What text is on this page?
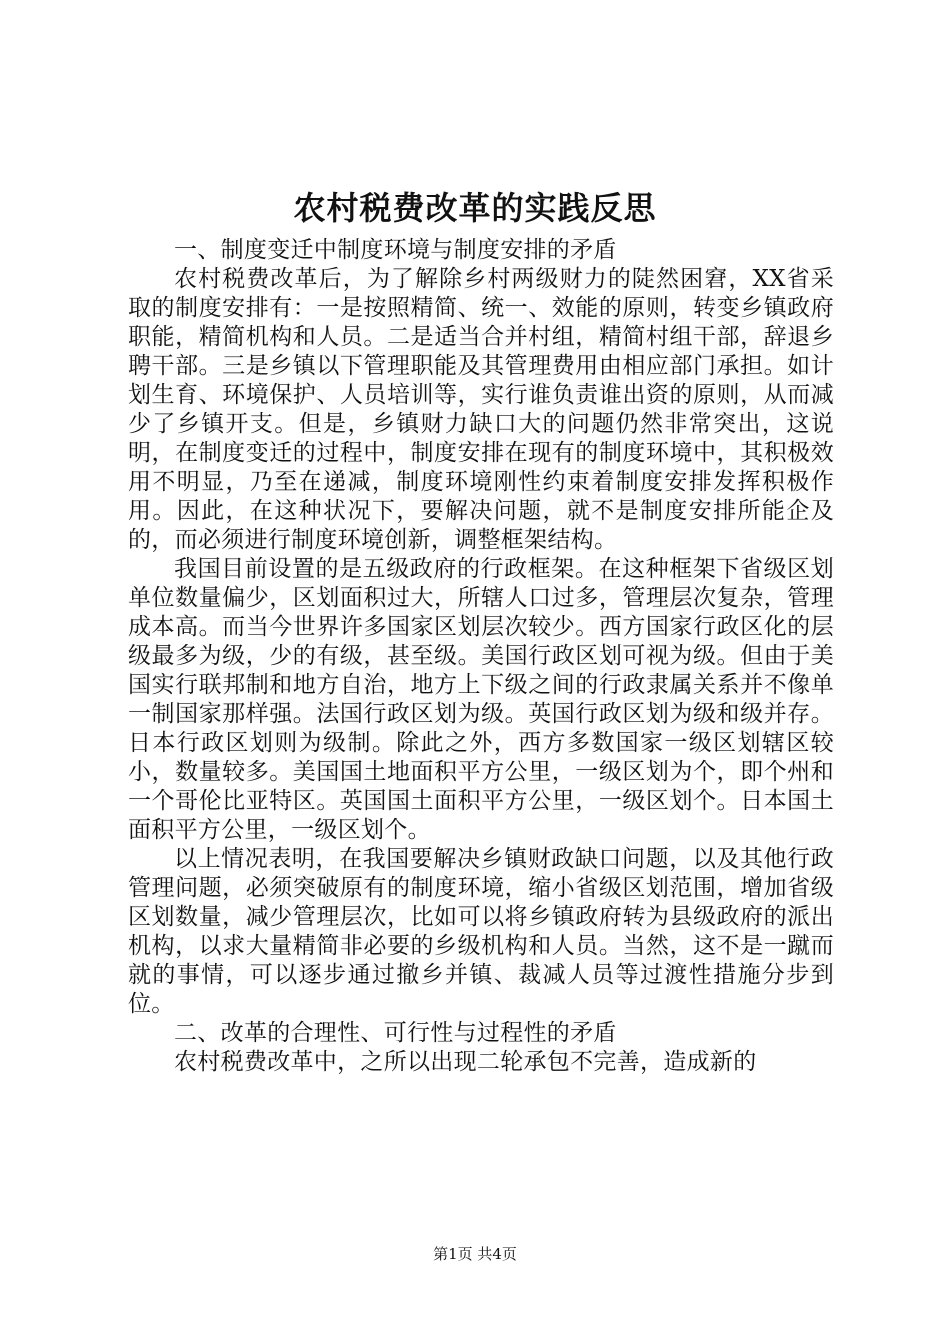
农村税费改革的实践反思

一、制度变迁中制度环境与制度安排的矛盾

农村税费改革后，为了解除乡村两级财力的陡然困窘，XX省采取的制度安排有：一是按照精简、统一、效能的原则，转变乡镇政府职能，精简机构和人员。二是适当合并村组，精简村组干部，辞退乡聘干部。三是乡镇以下管理职能及其管理费用由相应部门承担。如计划生育、环境保护、人员培训等，实行谁负责谁出资的原则，从而减少了乡镇开支。但是，乡镇财力缺口大的问题仍然非常突出，这说明，在制度变迁的过程中，制度安排在现有的制度环境中，其积极效用不明显，乃至在递减，制度环境刚性约束着制度安排发挥积极作用。因此，在这种状况下，要解决问题，就不是制度安排所能企及的，而必须进行制度环境创新，调整框架结构。

我国目前设置的是五级政府的行政框架。在这种框架下省级区划单位数量偏少，区划面积过大，所辖人口过多，管理层次复杂，管理成本高。而当今世界许多国家区划层次较少。西方国家行政区化的层级最多为级，少的有级，甚至级。美国行政区划可视为级。但由于美国实行联邦制和地方自治，地方上下级之间的行政隶属关系并不像单一制国家那样强。法国行政区划为级。英国行政区划为级和级并存。日本行政区划则为级制。除此之外，西方多数国家一级区划辖区较小，数量较多。美国国土地面积平方公里，一级区划为个，即个州和一个哥伦比亚特区。英国国土面积平方公里，一级区划个。日本国土面积平方公里，一级区划个。

以上情况表明，在我国要解决乡镇财政缺口问题，以及其他行政管理问题，必须突破原有的制度环境，缩小省级区划范围，增加省级区划数量，减少管理层次，比如可以将乡镇政府转为县级政府的派出机构，以求大量精简非必要的乡级机构和人员。当然，这不是一蹴而就的事情，可以逐步通过撤乡并镇、裁减人员等过渡性措施分步到位。

二、改革的合理性、可行性与过程性的矛盾

农村税费改革中，之所以出现二轮承包不完善，造成新的

第1页 共4页
